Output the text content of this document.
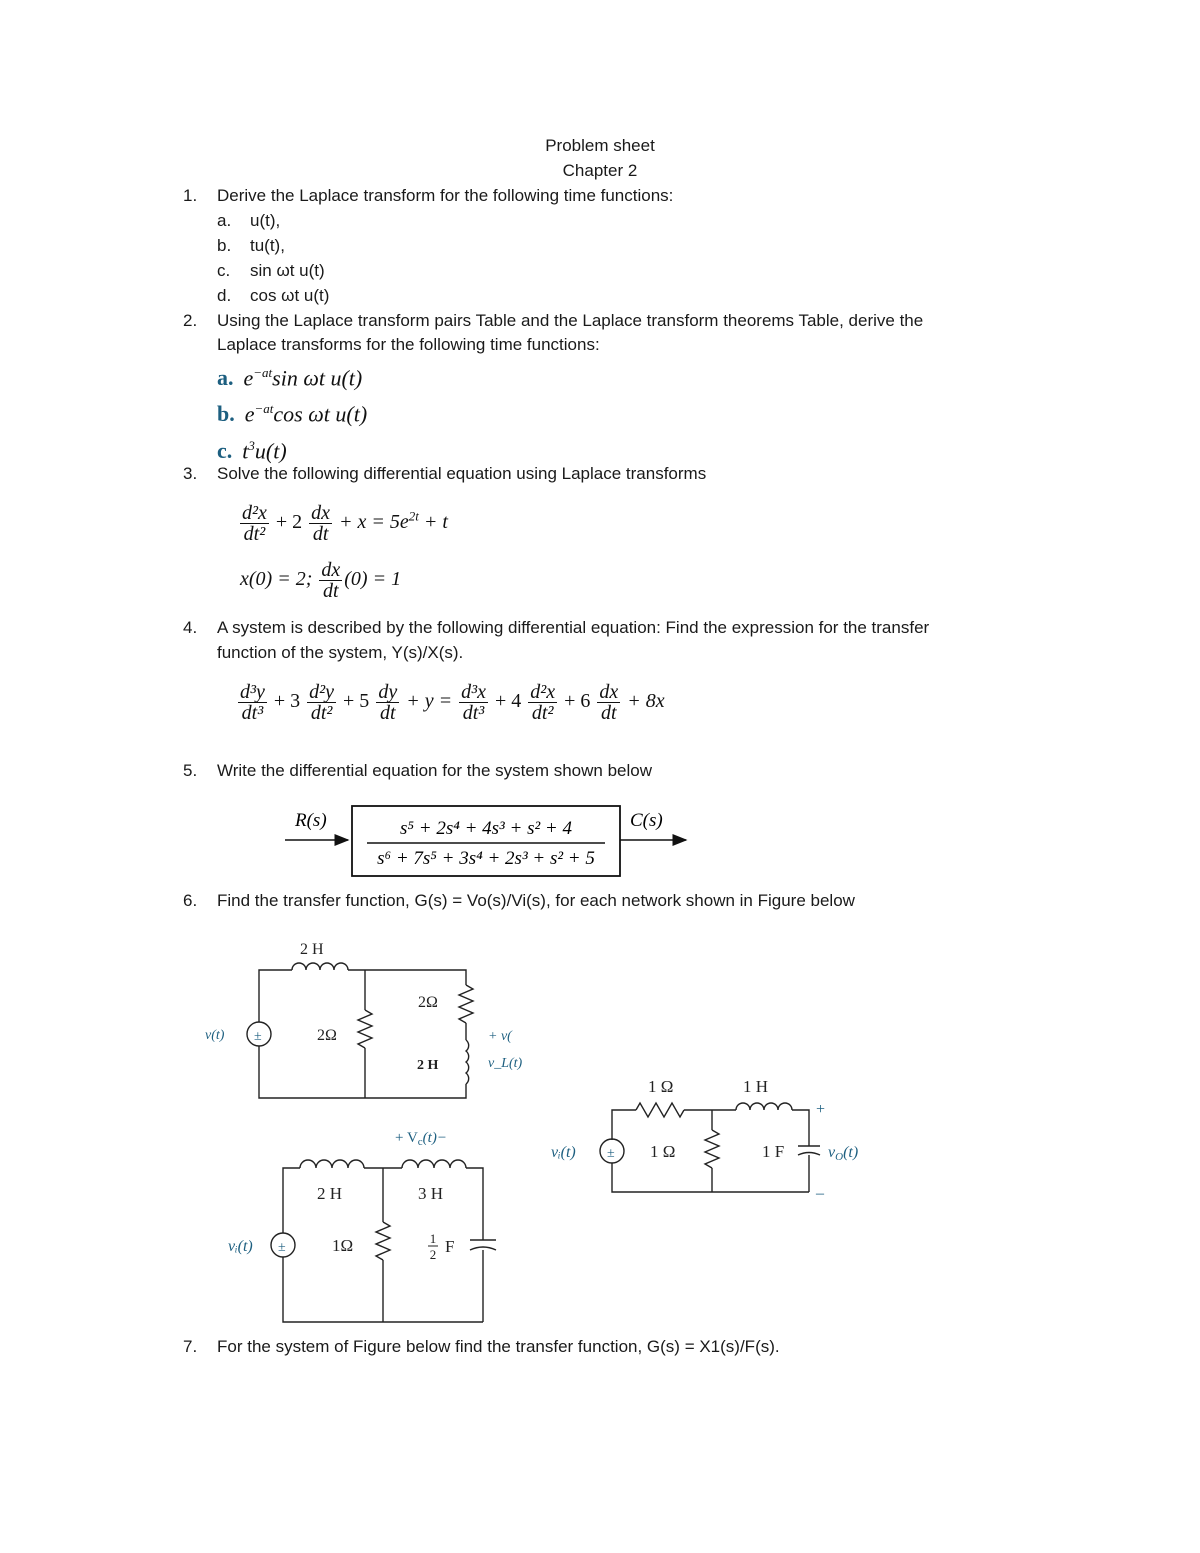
Problem sheet
Chapter 2
1. Derive the Laplace transform for the following time functions:
a. u(t),
b. tu(t),
c. sin ωt u(t)
d. cos ωt u(t)
2. Using the Laplace transform pairs Table and the Laplace transform theorems Table, derive the
Laplace transforms for the following time functions:
a. $e^{-at}\sin$ ωt u(t)
b. $e^{-at}\cos$ ωt u(t)
c. $t^3u(t)$
3. Solve the following differential equation using Laplace transforms
$\frac{\text{d²x}}{\text{dt²}} + 2 \frac{dx}{dt} + x = 5e^{2t} + t$
x(0) = 2; $\frac{dx}{dt} (0) = 1$
4. A system is described by the following differential equation: Find the expression for the transfer
function of the system, Y(s)/X(s).
$\frac{\text{d³y}}{\text{dt³}} + 3 \frac{\text{d²y}}{\text{dt²}} + 5 \frac{dy}{dt} + y = \frac{\text{d³x}}{\text{dt³}} + 4 \frac{\text{d²x}}{\text{dt²}} + 6 \frac{dx}{dt} + 8x$
5. Write the differential equation for the system shown below
6. Find the transfer function, G(s) = Vo(s)/Vi(s), for each network shown in Figure below
7. For the system of Figure below find the transfer function, G(s) = X1(s)/F(s).
R(s)	C(s)
s⁵ + 2s⁴ + 4s³ + s² + 4
s⁶ + 7s⁵ + 3s⁴ + 2s³ + s² + 5
±
v(t)
2 H
2Ω
2Ω
2 H
+ v(
v_L(t)
±
vᵢ(t)
2 H	3 H
1Ω	1
2 F
+ $V_c(t)-$
±
vᵢ(t)
1 Ω	1 H
1 Ω	1 F
+
–
vO(t)
